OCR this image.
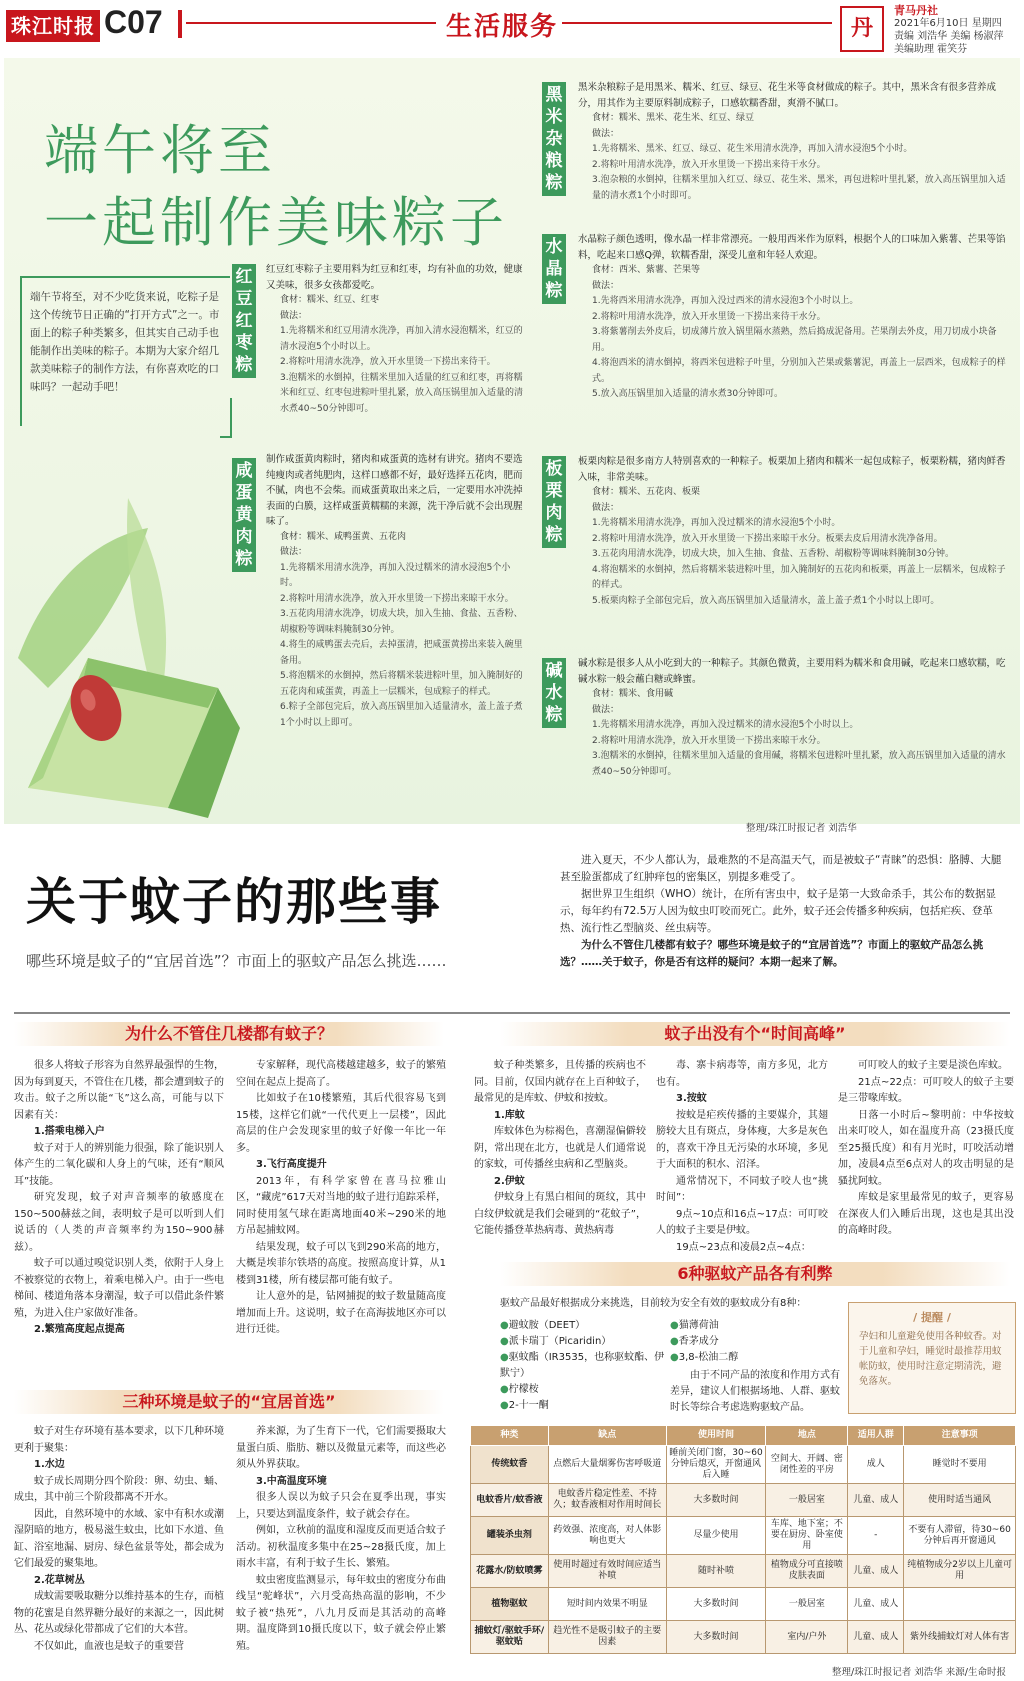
珠江时报 C07	生活服务	丹
青马丹社
2021年6月10日 星期四
责编 刘浩华 美编 杨淑萍
美编助理 霍笑芬
端午将至
一起制作美味粽子

端午节将至，对不少吃货来说，吃粽子是这个传统节日正确的“打开方式”之一。市面上的粽子种类繁多，但其实自己动手也能制作出美味的粽子。本期为大家介绍几款美味粽子的制作方法，有你喜欢吃的口味吗？一起动手吧！

红
豆
红
枣
粽

红豆红枣粽子主要用料为红豆和红枣，均有补血的功效，健康又美味，很多女孩都爱吃。

食材：糯米、红豆、红枣

做法：

1.先将糯米和红豆用清水洗净，再加入清水浸泡糯米，红豆的清水浸泡5个小时以上。

2.将粽叶用清水洗净，放入开水里烫一下捞出来待干。

3.泡糯米的水倒掉，往糯米里加入适量的红豆和红枣，再将糯米和红豆、红枣包进粽叶里扎紧，放入高压锅里加入适量的清水煮40~50分钟即可。

咸
蛋
黄
肉
粽

制作咸蛋黄肉粽时，猪肉和咸蛋黄的选材有讲究。猪肉不要选纯瘦肉或者纯肥肉，这样口感都不好，最好选择五花肉，肥而不腻，肉也不会柴。而咸蛋黄取出来之后，一定要用水冲洗掉表面的白膜，这样咸蛋黄糯糯的来源，洗干净后就不会出现腥味了。

食材：糯米、咸鸭蛋黄、五花肉

做法：

1.先将糯米用清水洗净，再加入没过糯米的清水浸泡5个小时。

2.将粽叶用清水洗净，放入开水里烫一下捞出来晾干水分。

3.五花肉用清水洗净，切成大块，加入生抽、食盐、五香粉、胡椒粉等调味料腌制30分钟。

4.将生的咸鸭蛋去壳后，去掉蛋清，把咸蛋黄捞出来装入碗里备用。

5.将泡糯米的水倒掉，然后将糯米装进粽叶里，加入腌制好的五花肉和咸蛋黄，再盖上一层糯米，包成粽子的样式。

6.粽子全部包完后，放入高压锅里加入适量清水，盖上盖子煮1个小时以上即可。

黑
米
杂
粮
粽

黑米杂粮粽子是用黑米、糯米、红豆、绿豆、花生米等食材做成的粽子。其中，黑米含有很多营养成分，用其作为主要原料制成粽子，口感软糯香甜，爽滑不腻口。

食材：糯米、黑米、花生米、红豆、绿豆

做法：

1.先将糯米、黑米、红豆、绿豆、花生米用清水洗净，再加入清水浸泡5个小时。

2.将粽叶用清水洗净，放入开水里烫一下捞出来待干水分。

3.泡杂粮的水倒掉，往糯米里加入红豆、绿豆、花生米、黑米，再包进粽叶里扎紧，放入高压锅里加入适量的清水煮1个小时即可。

水
晶
粽

水晶粽子颜色透明，像水晶一样非常漂亮。一般用西米作为原料，根据个人的口味加入紫薯、芒果等馅料，吃起来口感Q弹，软糯香甜，深受儿童和年轻人欢迎。

食材：西米、紫薯、芒果等

做法：

1.先将西米用清水洗净，再加入没过西米的清水浸泡3个小时以上。

2.将粽叶用清水洗净，放入开水里烫一下捞出来待干水分。

3.将紫薯削去外皮后，切成薄片放入锅里隔水蒸熟，然后捣成泥备用。芒果削去外皮，用刀切成小块备用。

4.将泡西米的清水倒掉，将西米包进粽子叶里，分别加入芒果或紫薯泥，再盖上一层西米，包成粽子的样式。

5.放入高压锅里加入适量的清水煮30分钟即可。

板
栗
肉
粽

板栗肉粽是很多南方人特别喜欢的一种粽子。板栗加上猪肉和糯米一起包成粽子，板栗粉糯，猪肉鲜香入味，非常美味。

食材：糯米、五花肉、板栗

做法：

1.先将糯米用清水洗净，再加入没过糯米的清水浸泡5个小时。

2.将粽叶用清水洗净，放入开水里烫一下捞出来晾干水分。板栗去皮后用清水洗净备用。

3.五花肉用清水洗净，切成大块，加入生抽、食盐、五香粉、胡椒粉等调味料腌制30分钟。

4.将泡糯米的水倒掉，然后将糯米装进粽叶里，加入腌制好的五花肉和板栗，再盖上一层糯米，包成粽子的样式。

5.板栗肉粽子全部包完后，放入高压锅里加入适量清水，盖上盖子煮1个小时以上即可。

碱
水
粽

碱水粽是很多人从小吃到大的一种粽子。其颜色微黄，主要用料为糯米和食用碱，吃起来口感软糯，吃碱水粽一般会蘸白糖或蜂蜜。

食材：糯米、食用碱

做法：

1.先将糯米用清水洗净，再加入没过糯米的清水浸泡5个小时以上。

2.将粽叶用清水洗净，放入开水里烫一下捞出来晾干水分。

3.泡糯米的水倒掉，往糯米里加入适量的食用碱，将糯米包进粽叶里扎紧，放入高压锅里加入适量的清水煮40~50分钟即可。

整理/珠江时报记者 刘浩华
关于蚊子的那些事
哪些环境是蚊子的“宜居首选”？市面上的驱蚊产品怎么挑选……

进入夏天，不少人都认为，最难熬的不是高温天气，而是被蚊子“青睐”的恐惧：胳膊、大腿甚至脸蛋都成了红肿痒包的密集区，别提多难受了。

据世界卫生组织（WHO）统计，在所有害虫中，蚊子是第一大致命杀手，其公布的数据显示，每年约有72.5万人因为蚊虫叮咬而死亡。此外，蚊子还会传播多种疾病，包括疟疾、登革热、流行性乙型脑炎、丝虫病等。

为什么不管住几楼都有蚊子？哪些环境是蚊子的“宜居首选”？市面上的驱蚊产品怎么挑选？……关于蚊子，你是否有这样的疑问？本期一起来了解。

为什么不管住几楼都有蚊子？

很多人将蚊子形容为自然界最强悍的生物，因为每到夏天，不管住在几楼，都会遭到蚊子的攻击。蚊子之所以能“飞”这么高，可能与以下因素有关：

1.搭乘电梯入户

蚊子对于人的辨别能力很强，除了能识别人体产生的二氧化碳和人身上的气味，还有“顺风耳”技能。

研究发现，蚊子对声音频率的敏感度在150~500赫兹之间，表明蚊子是可以听到人们说话的（人类的声音频率约为150~900赫兹）。

蚊子可以通过嗅觉识别人类，依附于人身上不被察觉的衣物上，着乘电梯入户。由于一些电梯间、楼道角落本身潮湿，蚊子可以借此条件繁殖，为进入住户家做好准备。

2.繁殖高度起点提高

专家解释，现代高楼越建越多，蚊子的繁殖空间在起点上提高了。

比如蚊子在10楼繁殖，其后代很容易飞到15楼，这样它们就“一代代更上一层楼”，因此高层的住户会发现家里的蚊子好像一年比一年多。

3.飞行高度提升

2013年，有科学家曾在喜马拉雅山区，“藏虎”617天对当地的蚊子进行追踪采样，同时使用氢气球在距离地面40米~290米的地方吊起捕蚊网。

结果发现，蚊子可以飞到290米高的地方，大概是埃菲尔铁塔的高度。按照高度计算，从1楼到31楼，所有楼层都可能有蚊子。

让人意外的是，钻网捕捉的蚊子数量随高度增加而上升。这说明，蚊子在高海拔地区亦可以进行迁徙。

三种环境是蚊子的“宜居首选”

蚊子对生存环境有基本要求，以下几种环境更利于聚集：

1.水边

蚊子成长周期分四个阶段：卵、幼虫、蛹、成虫，其中前三个阶段都离不开水。

因此，自然环境中的水域、家中有积水或潮湿阴暗的地方，极易滋生蚊虫，比如下水道、鱼缸、浴室地漏、厨房、绿色盆景等处，都会成为它们最爱的聚集地。

2.花草树丛

成蚊需要吸取糖分以维持基本的生存，而植物的花蜜是自然界糖分最好的来源之一，因此树丛、花丛或绿化带都成了它们的大本营。

不仅如此，血液也是蚊子的重要营

养来源，为了生育下一代，它们需要摄取大量蛋白质、脂肪、糖以及微量元素等，而这些必须从外界获取。

3.中高温度环境

很多人误以为蚊子只会在夏季出现，事实上，只要达到温度条件，蚊子就会存在。

例如，立秋前的温度和湿度反而更适合蚊子活动。初秋温度多集中在25~28摄氏度，加上雨水丰富，有利于蚊子生长、繁殖。

蚊虫密度监测显示，每年蚊虫的密度分布曲线呈“驼峰状”，六月受高热高温的影响，不少蚊子被“热死”，八九月反而是其活动的高峰期。温度降到10摄氏度以下，蚊子就会停止繁殖。

蚊子出没有个“时间高峰”

蚊子种类繁多，且传播的疾病也不同。目前，仅国内就存在上百种蚊子，最常见的是库蚊、伊蚊和按蚊。

1.库蚊

库蚊体色为棕褐色，喜潮湿偏僻较阴，常出现在北方，也就是人们通常说的家蚊，可传播丝虫病和乙型脑炎。

2.伊蚊

伊蚊身上有黑白相间的斑纹，其中白纹伊蚊就是我们会碰到的“花蚊子”，它能传播登革热病毒、黄热病毒

毒、寨卡病毒等，南方多见，北方也有。

3.按蚊

按蚊是疟疾传播的主要媒介，其翅膀较大且有斑点，身体瘦，大多是灰色的，喜欢干净且无污染的水环境，多见于大面积的积水、沼泽。

通常情况下，不同蚊子咬人也“挑时间”：

9点~10点和16点~17点：可叮咬人的蚊子主要是伊蚊。

19点~23点和凌晨2点~4点：

可叮咬人的蚊子主要是淡色库蚊。

21点~22点：可叮咬人的蚊子主要是三带喙库蚊。

日落一小时后~黎明前：中华按蚊出来叮咬人，如在温度升高（23摄氏度至25摄氏度）和有月光时，叮咬活动增加，凌晨4点至6点对人的攻击明显的是骚扰阿蚊。

库蚊是家里最常见的蚊子，更容易在深夜人们入睡后出现，这也是其出没的高峰时段。

6种驱蚊产品各有利弊
驱蚊产品最好根据成分来挑选，目前较为安全有效的驱蚊成分有8种：
●避蚊胺（DEET）
●派卡瑞丁（Picaridin）
●驱蚊酯（IR3535，也称驱蚊酯、伊默宁）
●柠檬桉
●2-十一酮
●猫薄荷油
●香茅成分
●3,8-松油二醇
由于不同产品的浓度和作用方式有差异，建议人们根据场地、人群、驱蚊时长等综合考虑选购驱蚊产品。
/ 提醒 /
孕妇和儿童避免使用各种蚊香。对于儿童和孕妇，睡觉时最推荐用蚊帐防蚊，使用时注意定期清洗，避免落灰。
种类	缺点	使用时间	地点	适用人群	注意事项
传统蚊香	点燃后大量烟雾伤害呼吸道	睡前关闭门窗，30~60分钟后熄灭，开窗通风后入睡	空间大、开阔、密闭性差的平房	成人	睡觉时不要用
电蚊香片/蚊香液	电蚊香片稳定性差、不持久；蚊香液相对作用时间长	大多数时间	一般居室	儿童、成人	使用时适当通风
罐装杀虫剂	药效强、浓度高，对人体影响也更大	尽量少使用	车库、地下室；不要在厨房、卧室使用	-	不要有人滞留，待30~60分钟后再开窗通风
花露水/防蚊喷雾	使用时超过有效时间应适当补喷	随时补喷	植物成分可直接喷皮肤表面	儿童、成人	纯植物成分2岁以上儿童可用
植物驱蚊	短时间内效果不明显	大多数时间	一般居室	儿童、成人	
捕蚊灯/驱蚊手环/驱蚊贴	趋光性不是吸引蚊子的主要因素	大多数时间	室内/户外	儿童、成人	紫外线捕蚊灯对人体有害
整理/珠江时报记者 刘浩华 来源/生命时报
